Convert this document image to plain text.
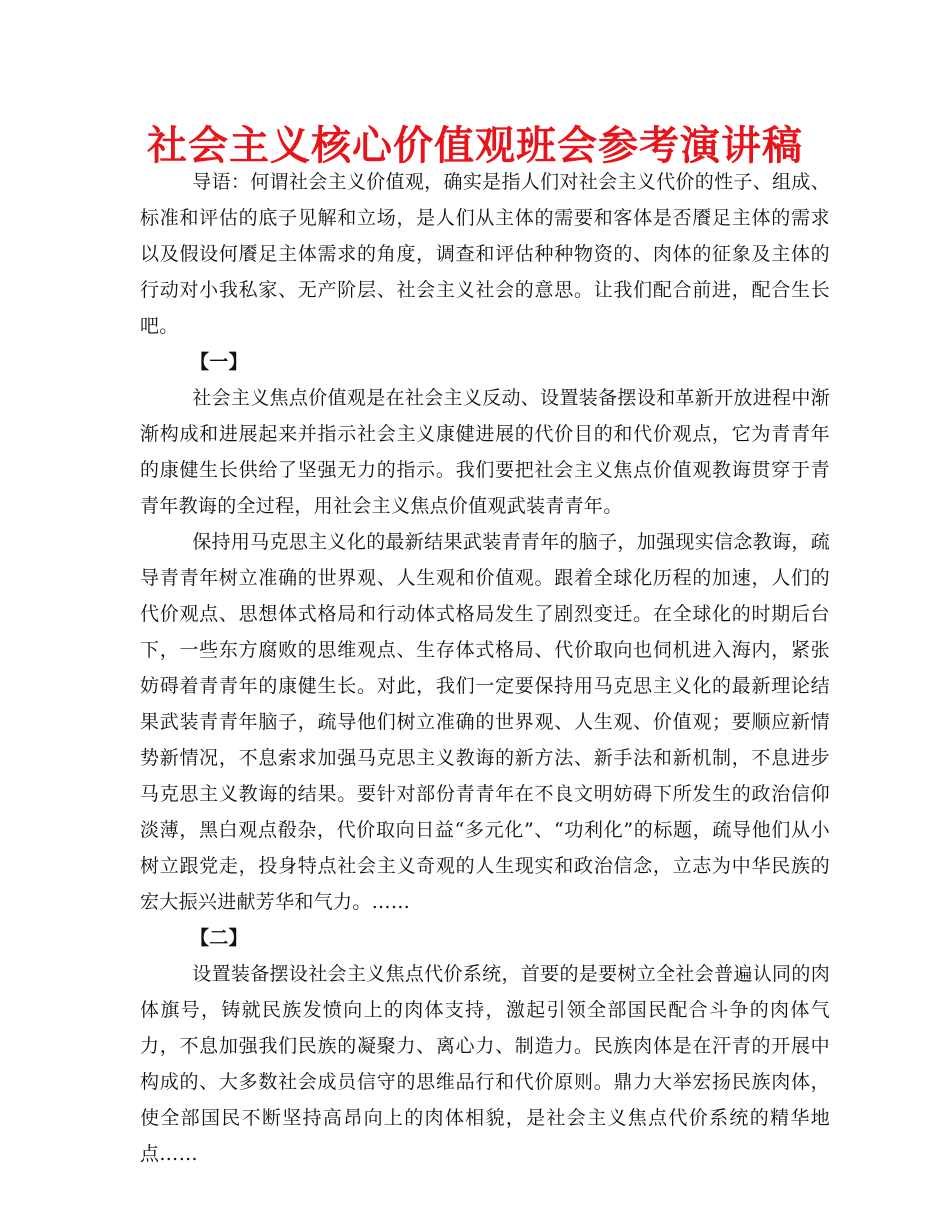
社会主义核心价值观班会参考演讲稿

导语：何谓社会主义价值观，确实是指人们对社会主义代价的性子、组成、标准和评估的底子见解和立场，是人们从主体的需要和客体是否餍足主体的需求以及假设何餍足主体需求的角度，调查和评估种种物资的、肉体的征象及主体的行动对小我私家、无产阶层、社会主义社会的意思。让我们配合前进，配合生长吧。

【一】

社会主义焦点价值观是在社会主义反动、设置装备摆设和革新开放进程中渐渐构成和进展起来并指示社会主义康健进展的代价目的和代价观点，它为青青年的康健生长供给了坚强无力的指示。我们要把社会主义焦点价值观教诲贯穿于青青年教诲的全过程，用社会主义焦点价值观武装青青年。

保持用马克思主义化的最新结果武装青青年的脑子，加强现实信念教诲，疏导青青年树立准确的世界观、人生观和价值观。跟着全球化历程的加速，人们的代价观点、思想体式格局和行动体式格局发生了剧烈变迁。在全球化的时期后台下，一些东方腐败的思维观点、生存体式格局、代价取向也伺机进入海内，紧张妨碍着青青年的康健生长。对此，我们一定要保持用马克思主义化的最新理论结果武装青青年脑子，疏导他们树立准确的世界观、人生观、价值观；要顺应新情势新情况，不息索求加强马克思主义教诲的新方法、新手法和新机制，不息进步马克思主义教诲的结果。要针对部份青青年在不良文明妨碍下所发生的政治信仰淡薄，黑白观点殽杂，代价取向日益“多元化”、“功利化”的标题，疏导他们从小树立跟党走，投身特点社会主义奇观的人生现实和政治信念，立志为中华民族的宏大振兴进献芳华和气力。……

【二】

设置装备摆设社会主义焦点代价系统，首要的是要树立全社会普遍认同的肉体旗号，铸就民族发愤向上的肉体支持，激起引领全部国民配合斗争的肉体气力，不息加强我们民族的凝聚力、离心力、制造力。民族肉体是在汗青的开展中构成的、大多数社会成员信守的思维品行和代价原则。鼎力大举宏扬民族肉体，使全部国民不断坚持高昂向上的肉体相貌，是社会主义焦点代价系统的精华地点……
